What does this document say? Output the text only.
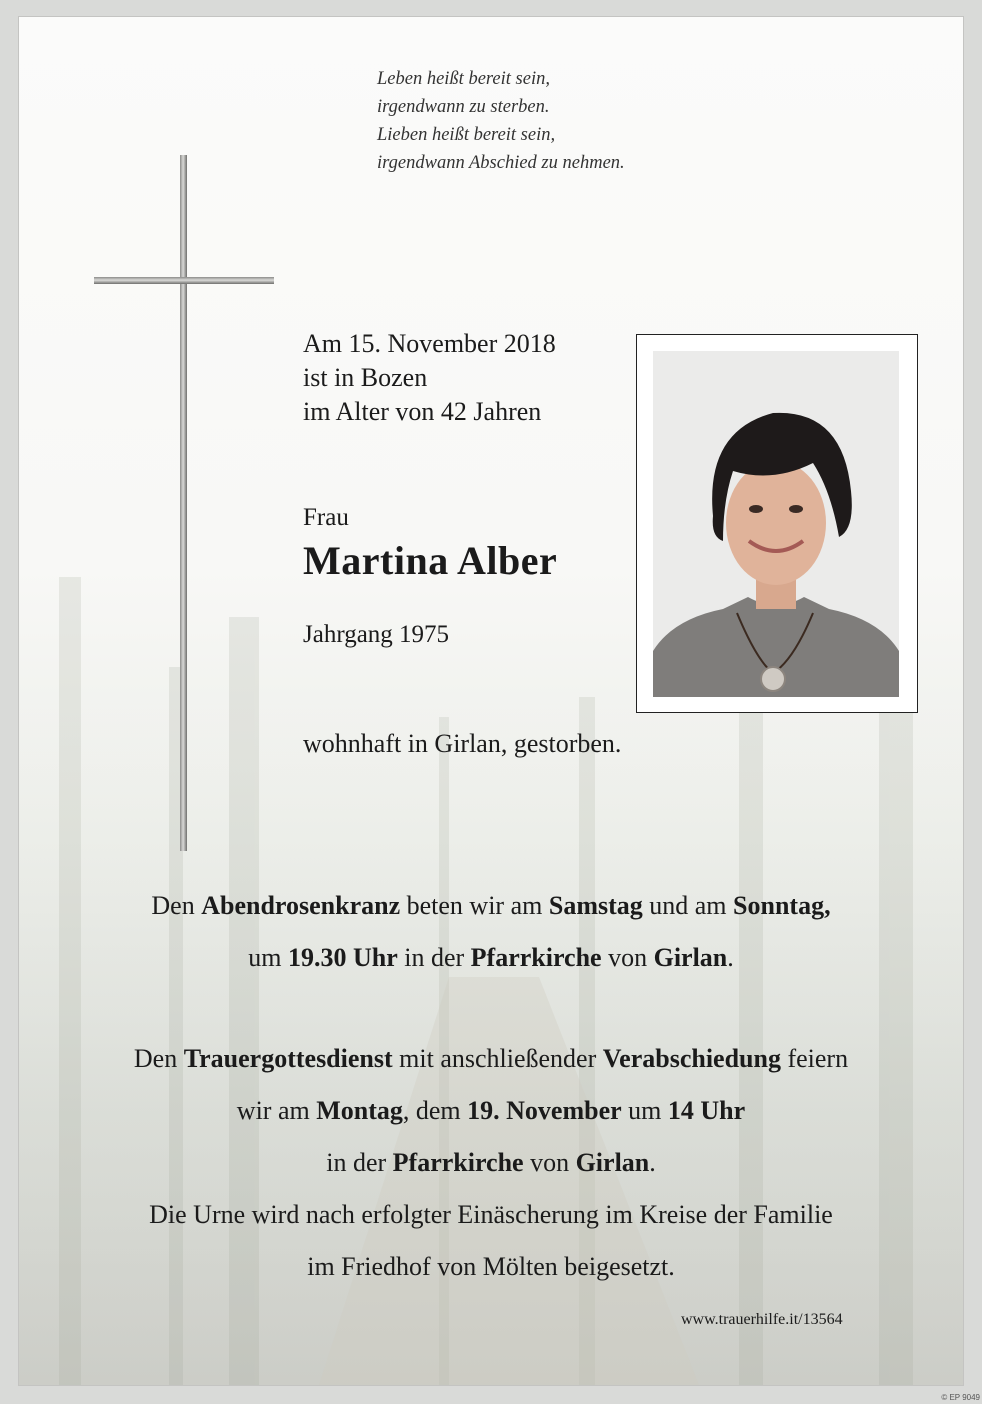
Leben heißt bereit sein,
irgendwann zu sterben.
Lieben heißt bereit sein,
irgendwann Abschied zu nehmen.
Am 15. November 2018
ist in Bozen
im Alter von 42 Jahren
Frau
Martina Alber
Jahrgang 1975
wohnhaft in Girlan, gestorben.
Den Abendrosenkranz beten wir am Samstag und am Sonntag,
um 19.30 Uhr in der Pfarrkirche von Girlan.
Den Trauergottesdienst mit anschließender Verabschiedung feiern
wir am Montag, dem 19. November um 14 Uhr
in der Pfarrkirche von Girlan.
Die Urne wird nach erfolgter Einäscherung im Kreise der Familie
im Friedhof von Mölten beigesetzt.
www.trauerhilfe.it/13564
© EP 9049
